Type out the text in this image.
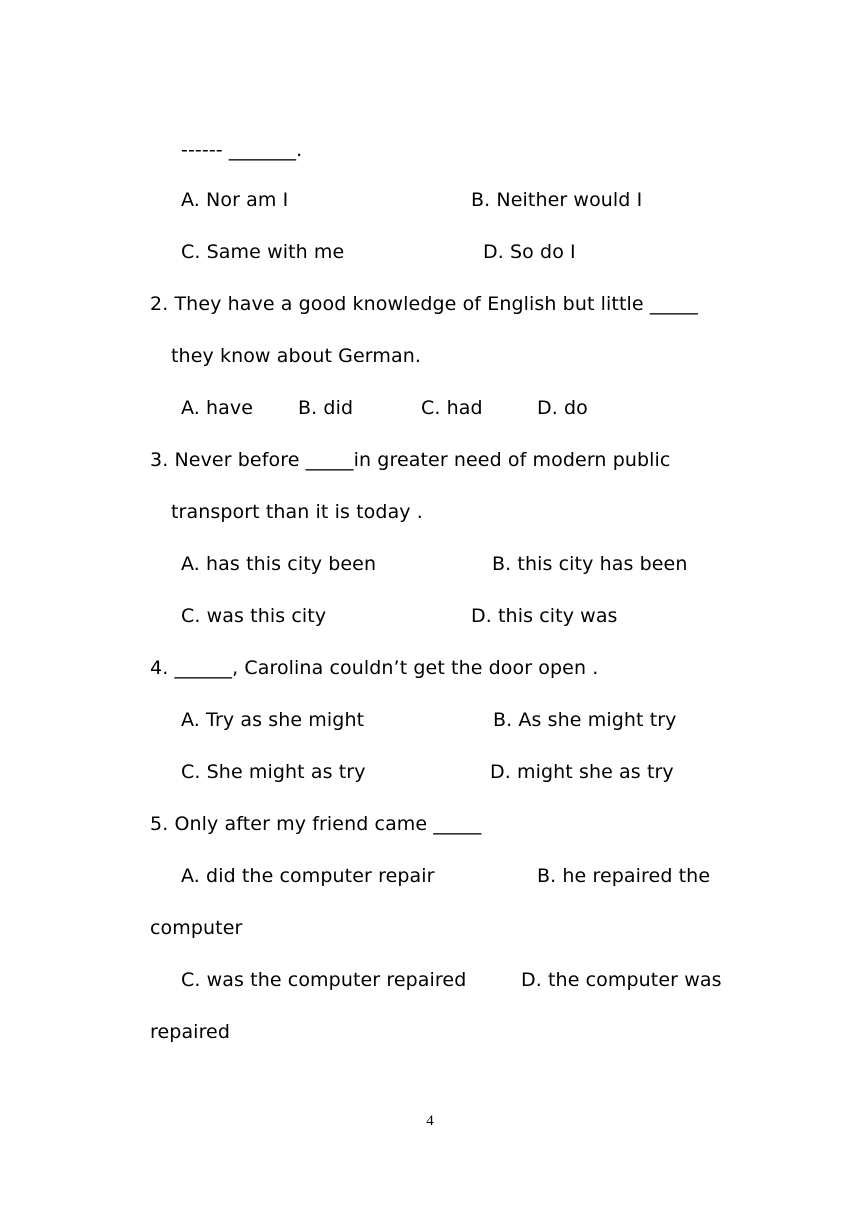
------ _______.
A. Nor am I	B. Neither would I
C. Same with me	D. So do I
2. They have a good knowledge of English but little _____
they know about German.
A. have B. did	C. had	D. do
3. Never before _____in greater need of modern public
transport than it is today .
A. has this city been	B. this city has been
C. was this city	D. this city was
4. ______, Carolina couldn’t get the door open .
A. Try as she might	B. As she might try
C. She might as try	D. might she as try
5. Only after my friend came _____
A. did the computer repair	B. he repaired the
computer
C. was the computer repaired	D. the computer was
repaired
4
